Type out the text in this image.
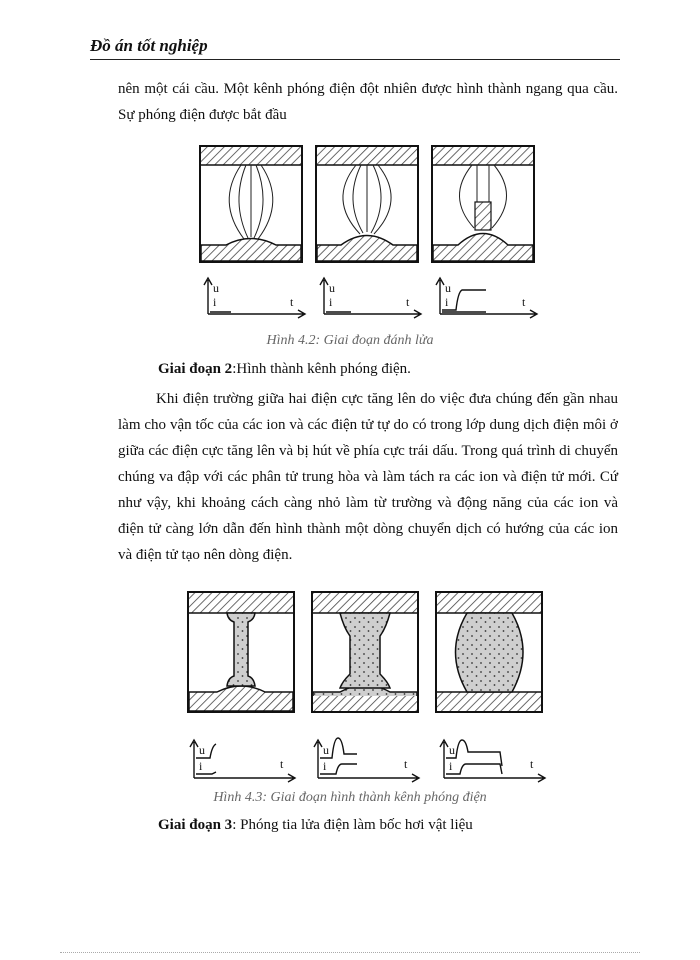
Đồ án tốt nghiệp

nên một cái cầu. Một kênh phóng điện đột nhiên được hình thành ngang qua cầu. Sự phóng điện được bắt đầu

u
i	t
u
i	t
u
i	t
Hình 4.2: Giai đoạn đánh lửa

Giai đoạn 2:Hình thành kênh phóng điện.

Khi điện trường giữa hai điện cực tăng lên do việc đưa chúng đến gần nhau làm cho vận tốc của các ion và các điện tử tự do có trong lớp dung dịch điện môi ở giữa các điện cực tăng lên và bị hút về phía cực trái dấu. Trong quá trình di chuyển chúng va đập với các phân tử trung hòa và làm tách ra các ion và điện tử mới. Cứ như vậy, khi khoảng cách càng nhỏ làm từ trường và động năng của các ion và điện tử càng lớn dẫn đến hình thành một dòng chuyển dịch có hướng của các ion và điện tử tạo nên dòng điện.

u
i	t
u
i	t
u
i	t
Hình 4.3: Giai đoạn hình thành kênh phóng điện

Giai đoạn 3: Phóng tia lửa điện làm bốc hơi vật liệu
